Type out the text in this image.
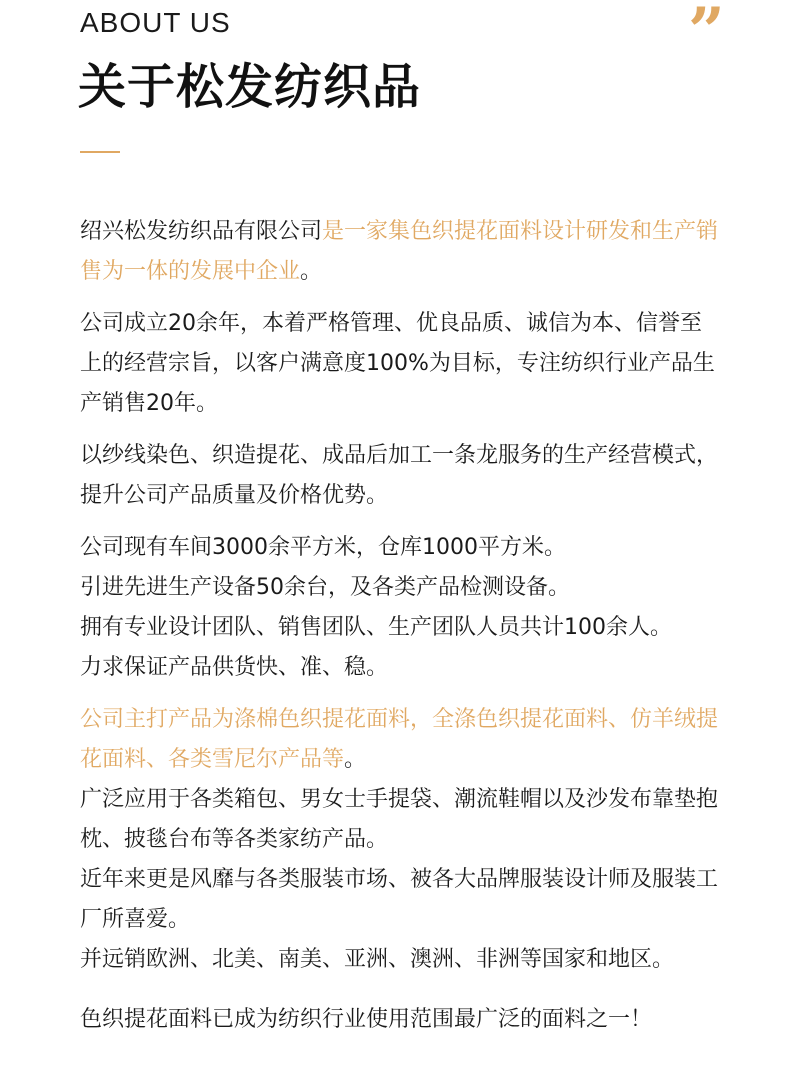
ABOUT US	”
关于松发纺织品

绍兴松发纺织品有限公司是一家集色织提花面料设计研发和生产销售为一体的发展中企业。

公司成立20余年，本着严格管理、优良品质、诚信为本、信誉至上的经营宗旨，以客户满意度100%为目标，专注纺织行业产品生产销售20年。

以纱线染色、织造提花、成品后加工一条龙服务的生产经营模式，提升公司产品质量及价格优势。

公司现有车间3000余平方米，仓库1000平方米。

引进先进生产设备50余台，及各类产品检测设备。

拥有专业设计团队、销售团队、生产团队人员共计100余人。

力求保证产品供货快、准、稳。

公司主打产品为涤棉色织提花面料，全涤色织提花面料、仿羊绒提花面料、各类雪尼尔产品等。

广泛应用于各类箱包、男女士手提袋、潮流鞋帽以及沙发布靠垫抱枕、披毯台布等各类家纺产品。

近年来更是风靡与各类服装市场、被各大品牌服装设计师及服装工厂所喜爱。

并远销欧洲、北美、南美、亚洲、澳洲、非洲等国家和地区。

色织提花面料已成为纺织行业使用范围最广泛的面料之一！
